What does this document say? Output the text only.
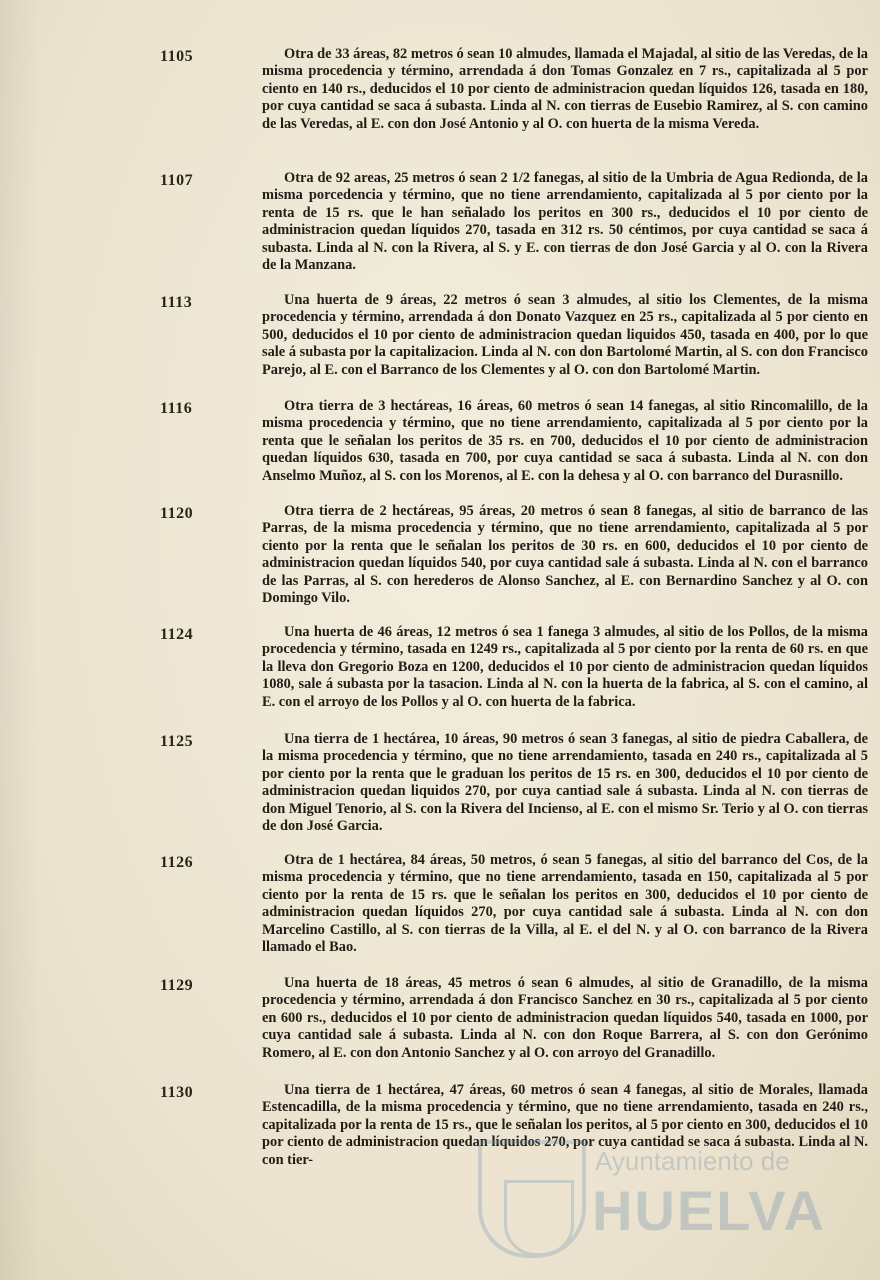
1105	Otra de 33 áreas, 82 metros ó sean 10 almudes, llamada el Majadal, al sitio de las Veredas, de la misma procedencia y término, arrendada á don Tomas Gonzalez en 7 rs., capitalizada al 5 por ciento en 140 rs., deducidos el 10 por ciento de administracion quedan líquidos 126, tasada en 180, por cuya cantidad se saca á subasta. Linda al N. con tierras de Eusebio Ramirez, al S. con camino de las Veredas, al E. con don José Antonio y al O. con huerta de la misma Vereda.
1107	Otra de 92 areas, 25 metros ó sean 2 1/2 fanegas, al sitio de la Umbria de Agua Redionda, de la misma porcedencia y término, que no tiene arrendamiento, capitalizada al 5 por ciento por la renta de 15 rs. que le han señalado los peritos en 300 rs., deducidos el 10 por ciento de administracion quedan líquidos 270, tasada en 312 rs. 50 céntimos, por cuya cantidad se saca á subasta. Linda al N. con la Rivera, al S. y E. con tierras de don José Garcia y al O. con la Rivera de la Manzana.
1113	Una huerta de 9 áreas, 22 metros ó sean 3 almudes, al sitio los Clementes, de la misma procedencia y término, arrendada á don Donato Vazquez en 25 rs., capitalizada al 5 por ciento en 500, deducidos el 10 por ciento de administracion quedan liquidos 450, tasada en 400, por lo que sale á subasta por la capitalizacion. Linda al N. con don Bartolomé Martin, al S. con don Francisco Parejo, al E. con el Barranco de los Clementes y al O. con don Bartolomé Martin.
1116	Otra tierra de 3 hectáreas, 16 áreas, 60 metros ó sean 14 fanegas, al sitio Rincomalillo, de la misma procedencia y término, que no tiene arrendamiento, capitalizada al 5 por ciento por la renta que le señalan los peritos de 35 rs. en 700, deducidos el 10 por ciento de administracion quedan líquidos 630, tasada en 700, por cuya cantidad se saca á subasta. Linda al N. con don Anselmo Muñoz, al S. con los Morenos, al E. con la dehesa y al O. con barranco del Durasnillo.
1120	Otra tierra de 2 hectáreas, 95 áreas, 20 metros ó sean 8 fanegas, al sitio de barranco de las Parras, de la misma procedencia y término, que no tiene arrendamiento, capitalizada al 5 por ciento por la renta que le señalan los peritos de 30 rs. en 600, deducidos el 10 por ciento de administracion quedan líquidos 540, por cuya cantidad sale á subasta. Linda al N. con el barranco de las Parras, al S. con herederos de Alonso Sanchez, al E. con Bernardino Sanchez y al O. con Domingo Vilo.
1124	Una huerta de 46 áreas, 12 metros ó sea 1 fanega 3 almudes, al sitio de los Pollos, de la misma procedencia y término, tasada en 1249 rs., capitalizada al 5 por ciento por la renta de 60 rs. en que la lleva don Gregorio Boza en 1200, deducidos el 10 por ciento de administracion quedan líquidos 1080, sale á subasta por la tasacion. Linda al N. con la huerta de la fabrica, al S. con el camino, al E. con el arroyo de los Pollos y al O. con huerta de la fabrica.
1125	Una tierra de 1 hectárea, 10 áreas, 90 metros ó sean 3 fanegas, al sitio de piedra Caballera, de la misma procedencia y término, que no tiene arrendamiento, tasada en 240 rs., capitalizada al 5 por ciento por la renta que le graduan los peritos de 15 rs. en 300, deducidos el 10 por ciento de administracion quedan liquidos 270, por cuya cantiad sale á subasta. Linda al N. con tierras de don Miguel Tenorio, al S. con la Rivera del Incienso, al E. con el mismo Sr. Terio y al O. con tierras de don José Garcia.
1126	Otra de 1 hectárea, 84 áreas, 50 metros, ó sean 5 fanegas, al sitio del barranco del Cos, de la misma procedencia y término, que no tiene arrendamiento, tasada en 150, capitalizada al 5 por ciento por la renta de 15 rs. que le señalan los peritos en 300, deducidos el 10 por ciento de administracion quedan líquidos 270, por cuya cantidad sale á subasta. Linda al N. con don Marcelino Castillo, al S. con tierras de la Villa, al E. el del N. y al O. con barranco de la Rivera llamado el Bao.
1129	Una huerta de 18 áreas, 45 metros ó sean 6 almudes, al sitio de Granadillo, de la misma procedencia y término, arrendada á don Francisco Sanchez en 30 rs., capitalizada al 5 por ciento en 600 rs., deducidos el 10 por ciento de administracion quedan líquidos 540, tasada en 1000, por cuya cantidad sale á subasta. Linda al N. con don Roque Barrera, al S. con don Gerónimo Romero, al E. con don Antonio Sanchez y al O. con arroyo del Granadillo.
1130	Una tierra de 1 hectárea, 47 áreas, 60 metros ó sean 4 fanegas, al sitio de Morales, llamada Estencadilla, de la misma procedencia y término, que no tiene arrendamiento, tasada en 240 rs., capitalizada por la renta de 15 rs., que le señalan los peritos, al 5 por ciento en 300, deducidos el 10 por ciento de administracion quedan líquidos 270, por cuya cantidad se saca á subasta. Linda al N. con tier-	Ayuntamiento de
HUELVA
